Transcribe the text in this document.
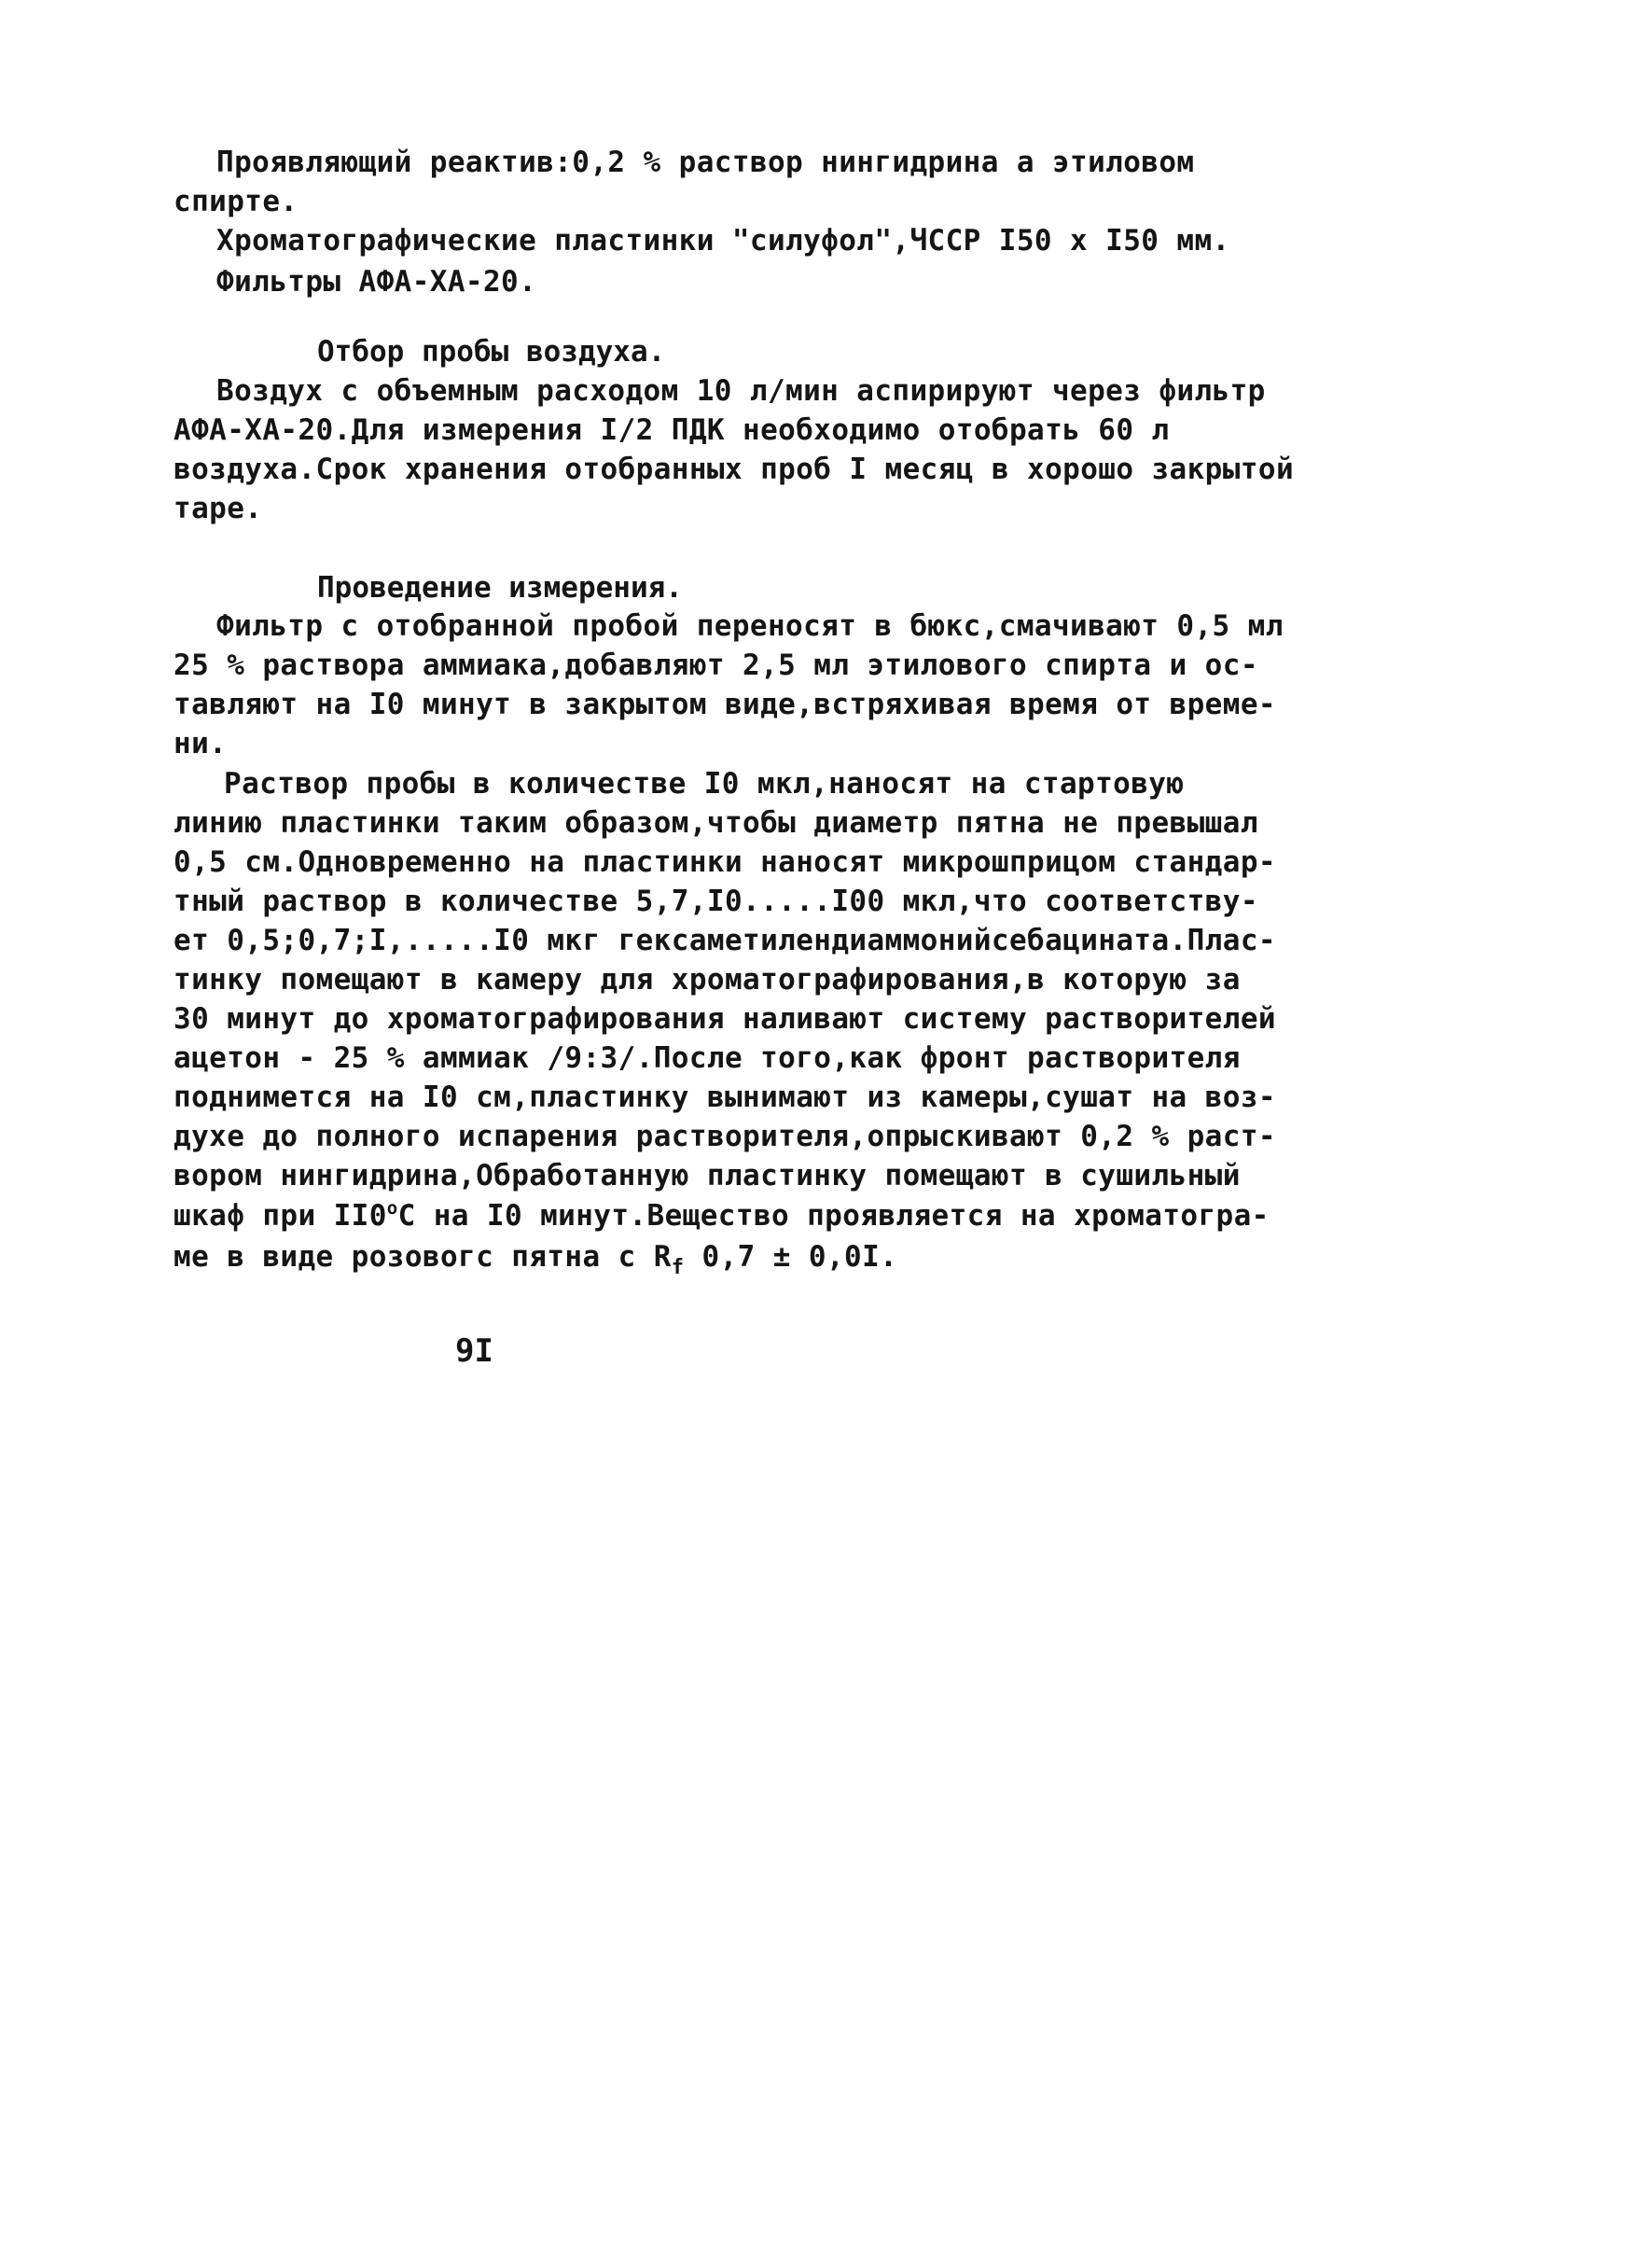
Проявляющий реактив:0,2 % раствор нингидрина а этиловом
спирте.
Хроматографические пластинки "силуфол",ЧССР I50 x I50 мм.
Фильтры АФА-ХА-20.
Отбор пробы воздуха.
Воздух с объемным расходом 10 л/мин аспирируют через фильтр
АФА-ХА-20.Для измерения I/2 ПДК необходимо отобрать 60 л
воздуха.Срок хранения отобранных проб I месяц в хорошо закрытой
таре.
Проведение измерения.
Фильтр с отобранной пробой переносят в бюкс,смачивают 0,5 мл
25 % раствора аммиака,добавляют 2,5 мл этилового спирта и ос-
тавляют на I0 минут в закрытом виде,встряхивая время от време-
ни.
Раствор пробы в количестве I0 мкл,наносят на стартовую
линию пластинки таким образом,чтобы диаметр пятна не превышал
0,5 см.Одновременно на пластинки наносят микрошприцом стандар-
тный раствор в количестве 5,7,I0.....I00 мкл,что соответству-
ет 0,5;0,7;I,.....I0 мкг гексаметилендиаммонийсебацината.Плас-
тинку помещают в камеру для хроматографирования,в которую за
30 минут до хроматографирования наливают систему растворителей
ацетон - 25 % аммиак /9:3/.После того,как фронт растворителя
поднимется на I0 см,пластинку вынимают из камеры,сушат на воз-
духе до полного испарения растворителя,опрыскивают 0,2 % раст-
вором нингидрина,Обработанную пластинку помещают в сушильный
шкаф при II0$^o$C на I0 минут.Вещество проявляется на хроматогра-
ме в виде розовогс пятна с $R_f$ 0,7 ± 0,0I.
9I
